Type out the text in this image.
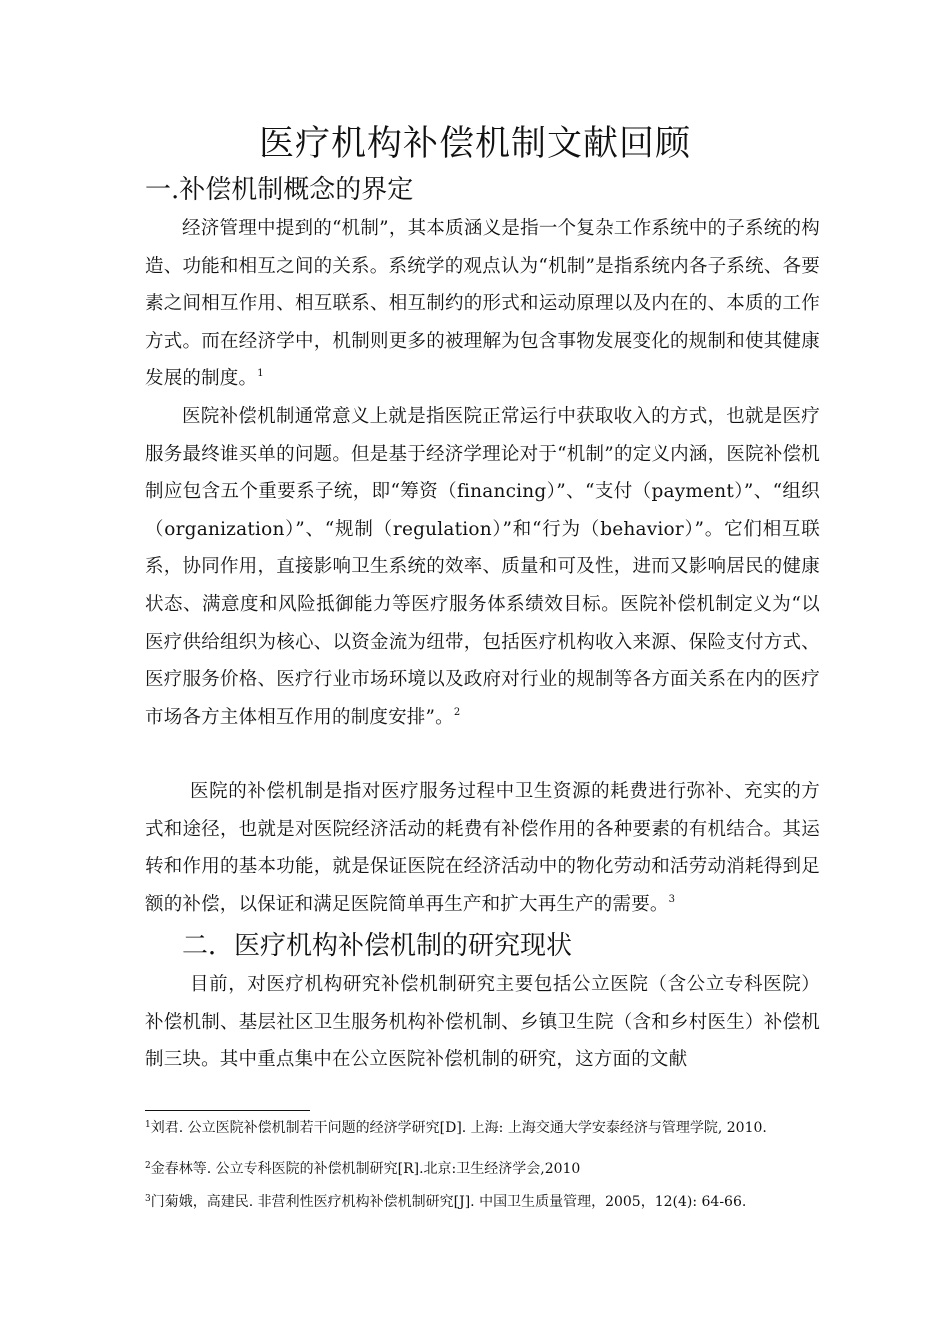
医疗机构补偿机制文献回顾
一.补偿机制概念的界定

经济管理中提到的“机制”，其本质涵义是指一个复杂工作系统中的子系统的构造、功能和相互之间的关系。系统学的观点认为“机制”是指系统内各子系统、各要素之间相互作用、相互联系、相互制约的形式和运动原理以及内在的、本质的工作方式。而在经济学中，机制则更多的被理解为包含事物发展变化的规制和使其健康发展的制度。$^1$

医院补偿机制通常意义上就是指医院正常运行中获取收入的方式，也就是医疗服务最终谁买单的问题。但是基于经济学理论对于“机制”的定义内涵，医院补偿机制应包含五个重要系子统，即“筹资（financing）”、“支付（payment）”、“组织（organization）”、“规制（regulation）”和“行为（behavior）”。它们相互联系，协同作用，直接影响卫生系统的效率、质量和可及性，进而又影响居民的健康状态、满意度和风险抵御能力等医疗服务体系绩效目标。医院补偿机制定义为“以医疗供给组织为核心、以资金流为纽带，包括医疗机构收入来源、保险支付方式、医疗服务价格、医疗行业市场环境以及政府对行业的规制等各方面关系在内的医疗市场各方主体相互作用的制度安排”。$^2$

医院的补偿机制是指对医疗服务过程中卫生资源的耗费进行弥补、充实的方式和途径，也就是对医院经济活动的耗费有补偿作用的各种要素的有机结合。其运转和作用的基本功能，就是保证医院在经济活动中的物化劳动和活劳动消耗得到足额的补偿，以保证和满足医院简单再生产和扩大再生产的需要。$^3$

二．医疗机构补偿机制的研究现状

目前，对医疗机构研究补偿机制研究主要包括公立医院（含公立专科医院）补偿机制、基层社区卫生服务机构补偿机制、乡镇卫生院（含和乡村医生）补偿机制三块。其中重点集中在公立医院补偿机制的研究，这方面的文献

$^1$刘君. 公立医院补偿机制若干问题的经济学研究[D]. 上海: 上海交通大学安泰经济与管理学院, 2010.

$^2$金春林等. 公立专科医院的补偿机制研究[R].北京:卫生经济学会,2010

$^3$门菊娥，高建民. 非营利性医疗机构补偿机制研究[J]. 中国卫生质量管理，2005，12(4): 64-66.
